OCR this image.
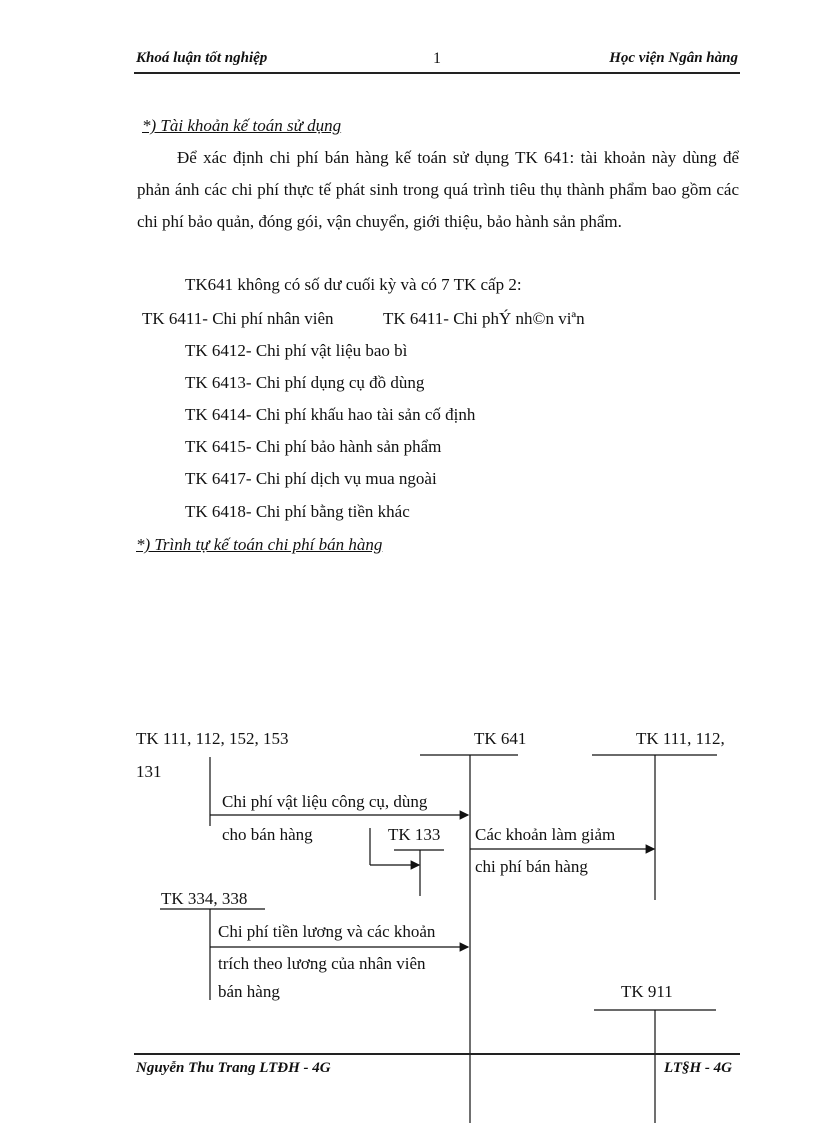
Khoá luận tốt nghiệp	1	Học viện Ngân hàng
*) Tài khoản kế toán sử dụng
Để xác định chi phí bán hàng kế toán sử dụng TK 641: tài khoản này dùng để phản ánh các chi phí thực tế phát sinh trong quá trình tiêu thụ thành phẩm bao gồm các chi phí bảo quản, đóng gói, vận chuyển, giới thiệu, bảo hành sản phẩm.
TK641 không có số dư cuối kỳ và có 7 TK cấp 2:
TK 6411- Chi phí nhân viên	TK 6411- Chi phÝ nh©n viªn
TK 6412- Chi phí vật liệu bao bì
TK 6413- Chi phí dụng cụ đồ dùng
TK 6414- Chi phí khấu hao tài sản cố định
TK 6415- Chi phí bảo hành sản phẩm
TK 6417- Chi phí dịch vụ mua ngoài
TK 6418- Chi phí bằng tiền khác
*) Trình tự kế toán chi phí bán hàng
TK 111, 112, 152, 153
131
TK 641	TK 111, 112,
Chi phí vật liệu công cụ, dùng
cho bán hàng	TK 133 Các khoản làm giảm
chi phí bán hàng
TK 334, 338
Chi phí tiền lương và các khoản
trích theo lương của nhân viên
bán hàng	TK 911
Nguyễn Thu Trang LTĐH - 4G	LT§H - 4G
